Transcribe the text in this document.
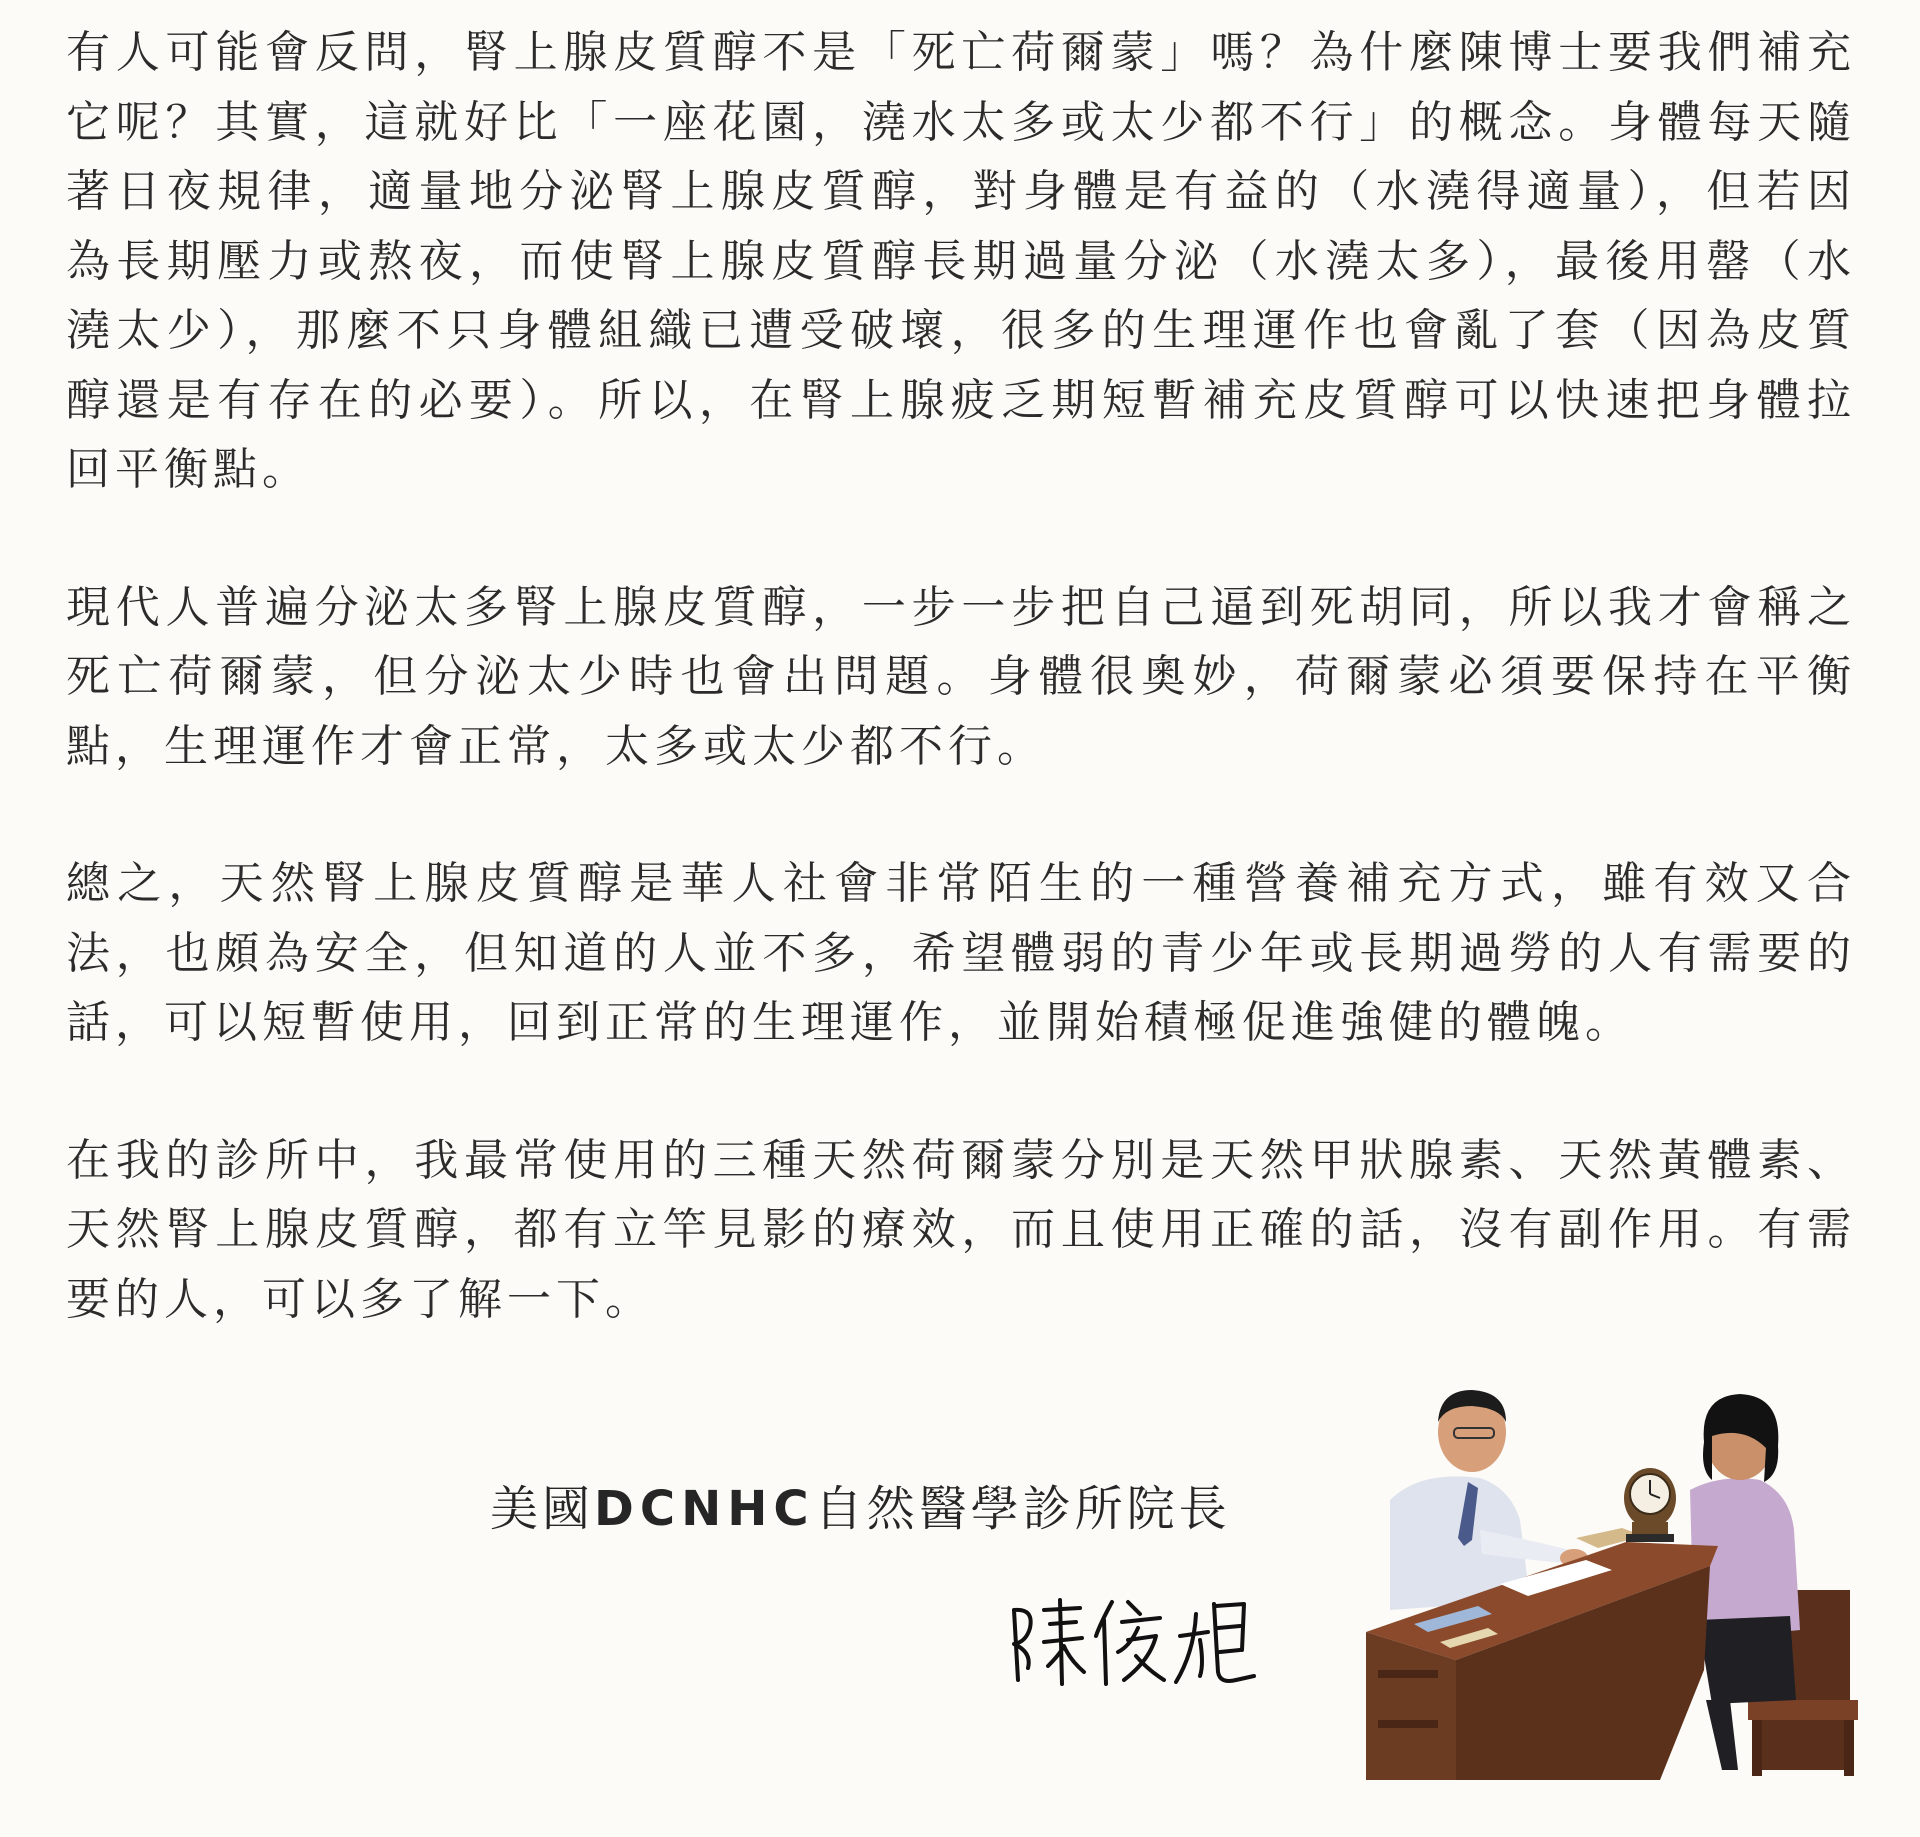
有人可能會反問，腎上腺皮質醇不是「死亡荷爾蒙」嗎？為什麼陳博士要我們補充它呢？其實，這就好比「一座花園，澆水太多或太少都不行」的概念。身體每天隨著日夜規律，適量地分泌腎上腺皮質醇，對身體是有益的（水澆得適量），但若因為長期壓力或熬夜，而使腎上腺皮質醇長期過量分泌（水澆太多），最後用罄（水澆太少），那麼不只身體組織已遭受破壞，很多的生理運作也會亂了套（因為皮質醇還是有存在的必要）。所以，在腎上腺疲乏期短暫補充皮質醇可以快速把身體拉回平衡點。

現代人普遍分泌太多腎上腺皮質醇，一步一步把自己逼到死胡同，所以我才會稱之死亡荷爾蒙，但分泌太少時也會出問題。身體很奧妙，荷爾蒙必須要保持在平衡點，生理運作才會正常，太多或太少都不行。

總之，天然腎上腺皮質醇是華人社會非常陌生的一種營養補充方式，雖有效又合法，也頗為安全，但知道的人並不多，希望體弱的青少年或長期過勞的人有需要的話，可以短暫使用，回到正常的生理運作，並開始積極促進強健的體魄。

在我的診所中，我最常使用的三種天然荷爾蒙分別是天然甲狀腺素、天然黃體素、天然腎上腺皮質醇，都有立竿見影的療效，而且使用正確的話，沒有副作用。有需要的人，可以多了解一下。

美國DCNHC自然醫學診所院長
